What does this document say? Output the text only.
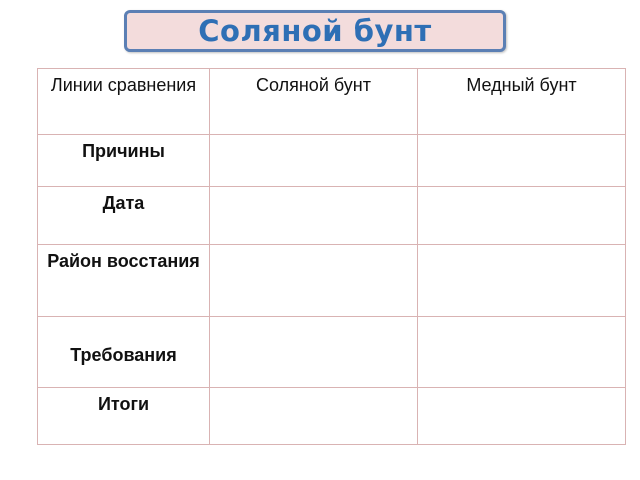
Соляной бунт
Линии сравнения	Соляной бунт	Медный бунт

Причины		

Дата		

Район восстания		

Требования		

Итоги		
